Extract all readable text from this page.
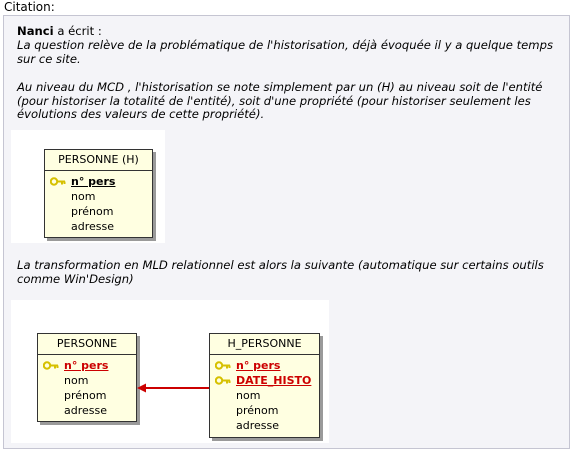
Citation:
Nanci a écrit :
La question relève de la problématique de l'historisation, déjà évoquée il y a quelque temps sur ce site.
Au niveau du MCD , l'historisation se note simplement par un (H) au niveau soit de l'entité (pour historiser la totalité de l'entité), soit d'une propriété (pour historiser seulement les évolutions des valeurs de cette propriété).
PERSONNE (H)
n° pers
nom
prénom
adresse
La transformation en MLD relationnel est alors la suivante (automatique sur certains outils comme Win'Design)
PERSONNE
n° pers
nom
prénom
adresse
H_PERSONNE
n° pers
DATE_HISTO
nom
prénom
adresse
